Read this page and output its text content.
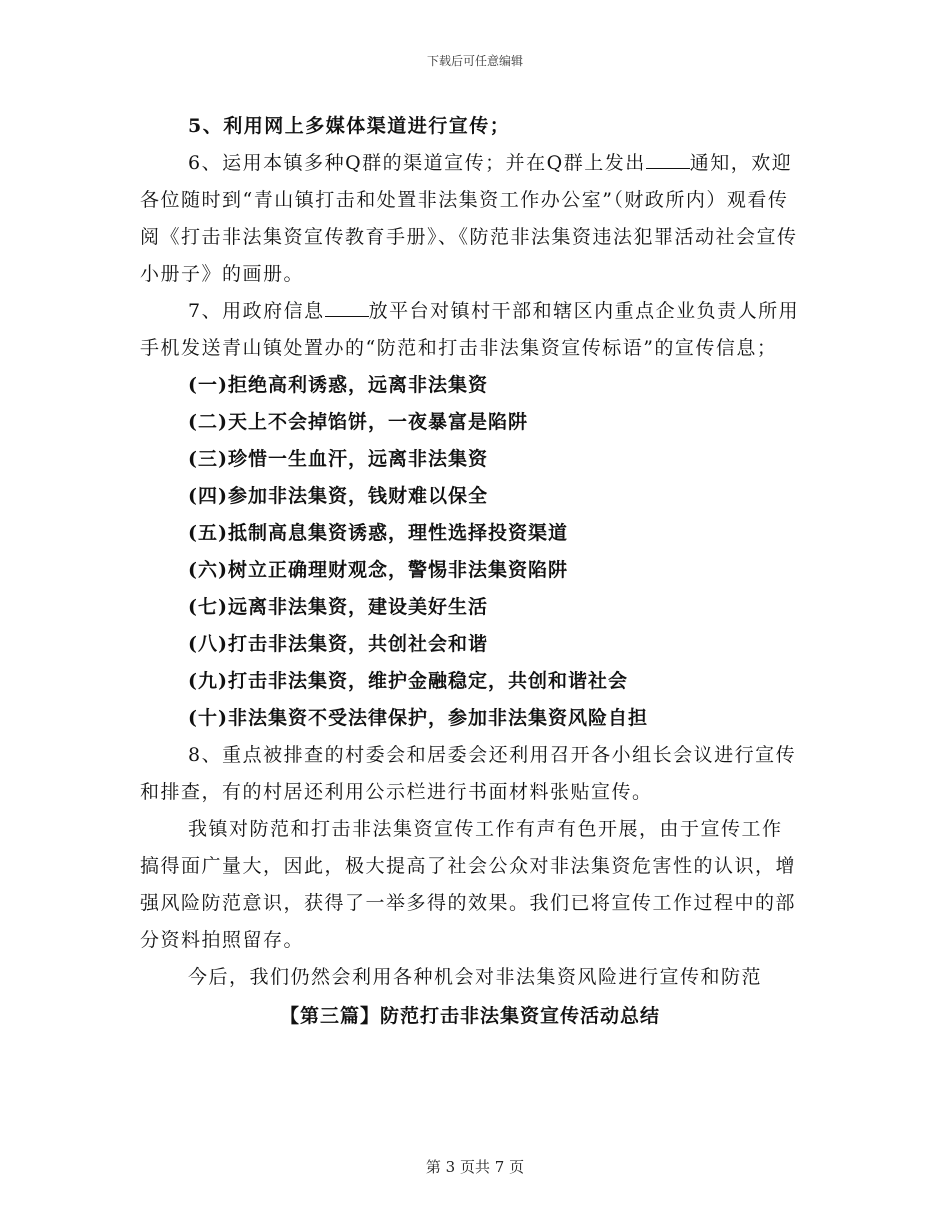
下载后可任意编辑

5、利用网上多媒体渠道进行宣传；

6、运用本镇多种Q群的渠道宣传；并在Q群上发出 通知，欢迎各位随时到“青山镇打击和处置非法集资工作办公室”（财政所内）观看传阅《打击非法集资宣传教育手册》、《防范非法集资违法犯罪活动社会宣传小册子》的画册。

7、用政府信息 放平台对镇村干部和辖区内重点企业负责人所用手机发送青山镇处置办的“防范和打击非法集资宣传标语”的宣传信息；

(一)拒绝高利诱惑，远离非法集资

(二)天上不会掉馅饼，一夜暴富是陷阱

(三)珍惜一生血汗，远离非法集资

(四)参加非法集资，钱财难以保全

(五)抵制高息集资诱惑，理性选择投资渠道

(六)树立正确理财观念，警惕非法集资陷阱

(七)远离非法集资，建设美好生活

(八)打击非法集资，共创社会和谐

(九)打击非法集资，维护金融稳定，共创和谐社会

(十)非法集资不受法律保护，参加非法集资风险自担

8、重点被排查的村委会和居委会还利用召开各小组长会议进行宣传和排查，有的村居还利用公示栏进行书面材料张贴宣传。

我镇对防范和打击非法集资宣传工作有声有色开展，由于宣传工作搞得面广量大，因此，极大提高了社会公众对非法集资危害性的认识，增强风险防范意识，获得了一举多得的效果。我们已将宣传工作过程中的部分资料拍照留存。

今后，我们仍然会利用各种机会对非法集资风险进行宣传和防范

【第三篇】防范打击非法集资宣传活动总结

第 3 页共 7 页
